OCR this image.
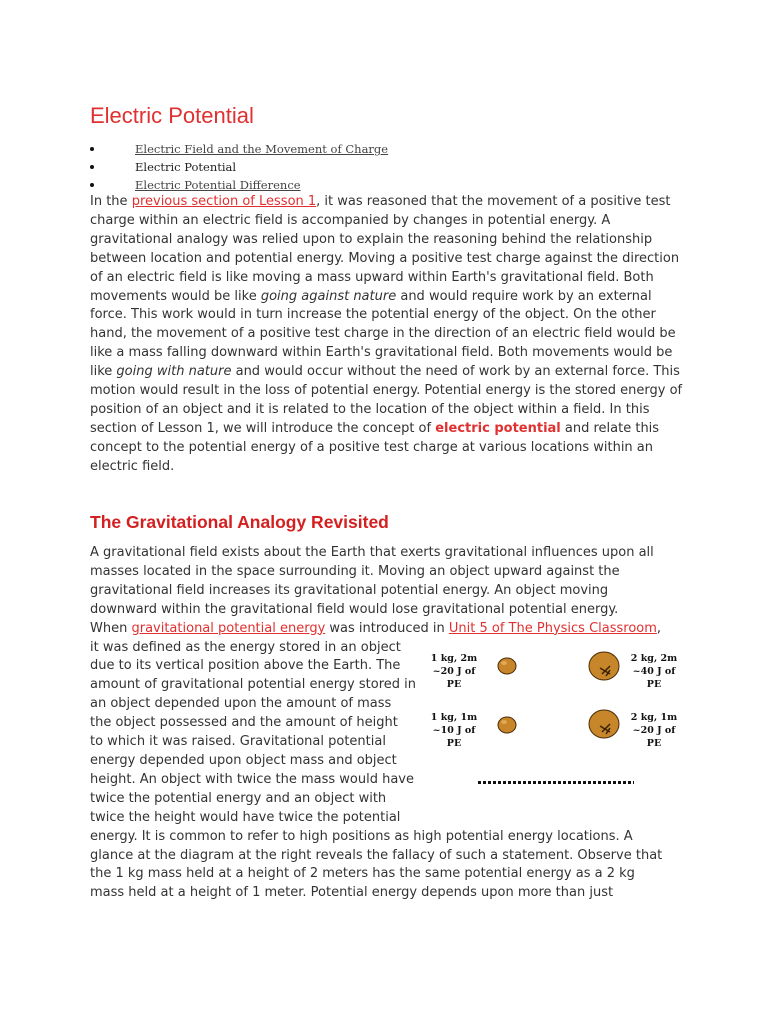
Electric Potential
Electric Field and the Movement of Charge
Electric Potential
Electric Potential Difference

In the previous section of Lesson 1, it was reasoned that the movement of a positive test charge within an electric field is accompanied by changes in potential energy. A gravitational analogy was relied upon to explain the reasoning behind the relationship between location and potential energy. Moving a positive test charge against the direction of an electric field is like moving a mass upward within Earth's gravitational field. Both movements would be like going against nature and would require work by an external force. This work would in turn increase the potential energy of the object. On the other hand, the movement of a positive test charge in the direction of an electric field would be like a mass falling downward within Earth's gravitational field. Both movements would be like going with nature and would occur without the need of work by an external force. This motion would result in the loss of potential energy. Potential energy is the stored energy of position of an object and it is related to the location of the object within a field. In this section of Lesson 1, we will introduce the concept of electric potential and relate this concept to the potential energy of a positive test charge at various locations within an electric field.

The Gravitational Analogy Revisited
A gravitational field exists about the Earth that exerts gravitational influences upon all
masses located in the space surrounding it. Moving an object upward against the
gravitational field increases its gravitational potential energy. An object moving
downward within the gravitational field would lose gravitational potential energy.
When gravitational potential energy was introduced in Unit 5 of The Physics Classroom,
it was defined as the energy stored in an object
due to its vertical position above the Earth. The
amount of gravitational potential energy stored in
an object depended upon the amount of mass
the object possessed and the amount of height
to which it was raised. Gravitational potential
energy depended upon object mass and object
height. An object with twice the mass would have
twice the potential energy and an object with
twice the height would have twice the potential
energy. It is common to refer to high positions as high potential energy locations. A
glance at the diagram at the right reveals the fallacy of such a statement. Observe that
the 1 kg mass held at a height of 2 meters has the same potential energy as a 2 kg
mass held at a height of 1 meter. Potential energy depends upon more than just
1 kg, 2m
~20 J of PE
2 kg, 2m
~40 J of PE
1 kg, 1m
~10 J of PE
2 kg, 1m
~20 J of PE
